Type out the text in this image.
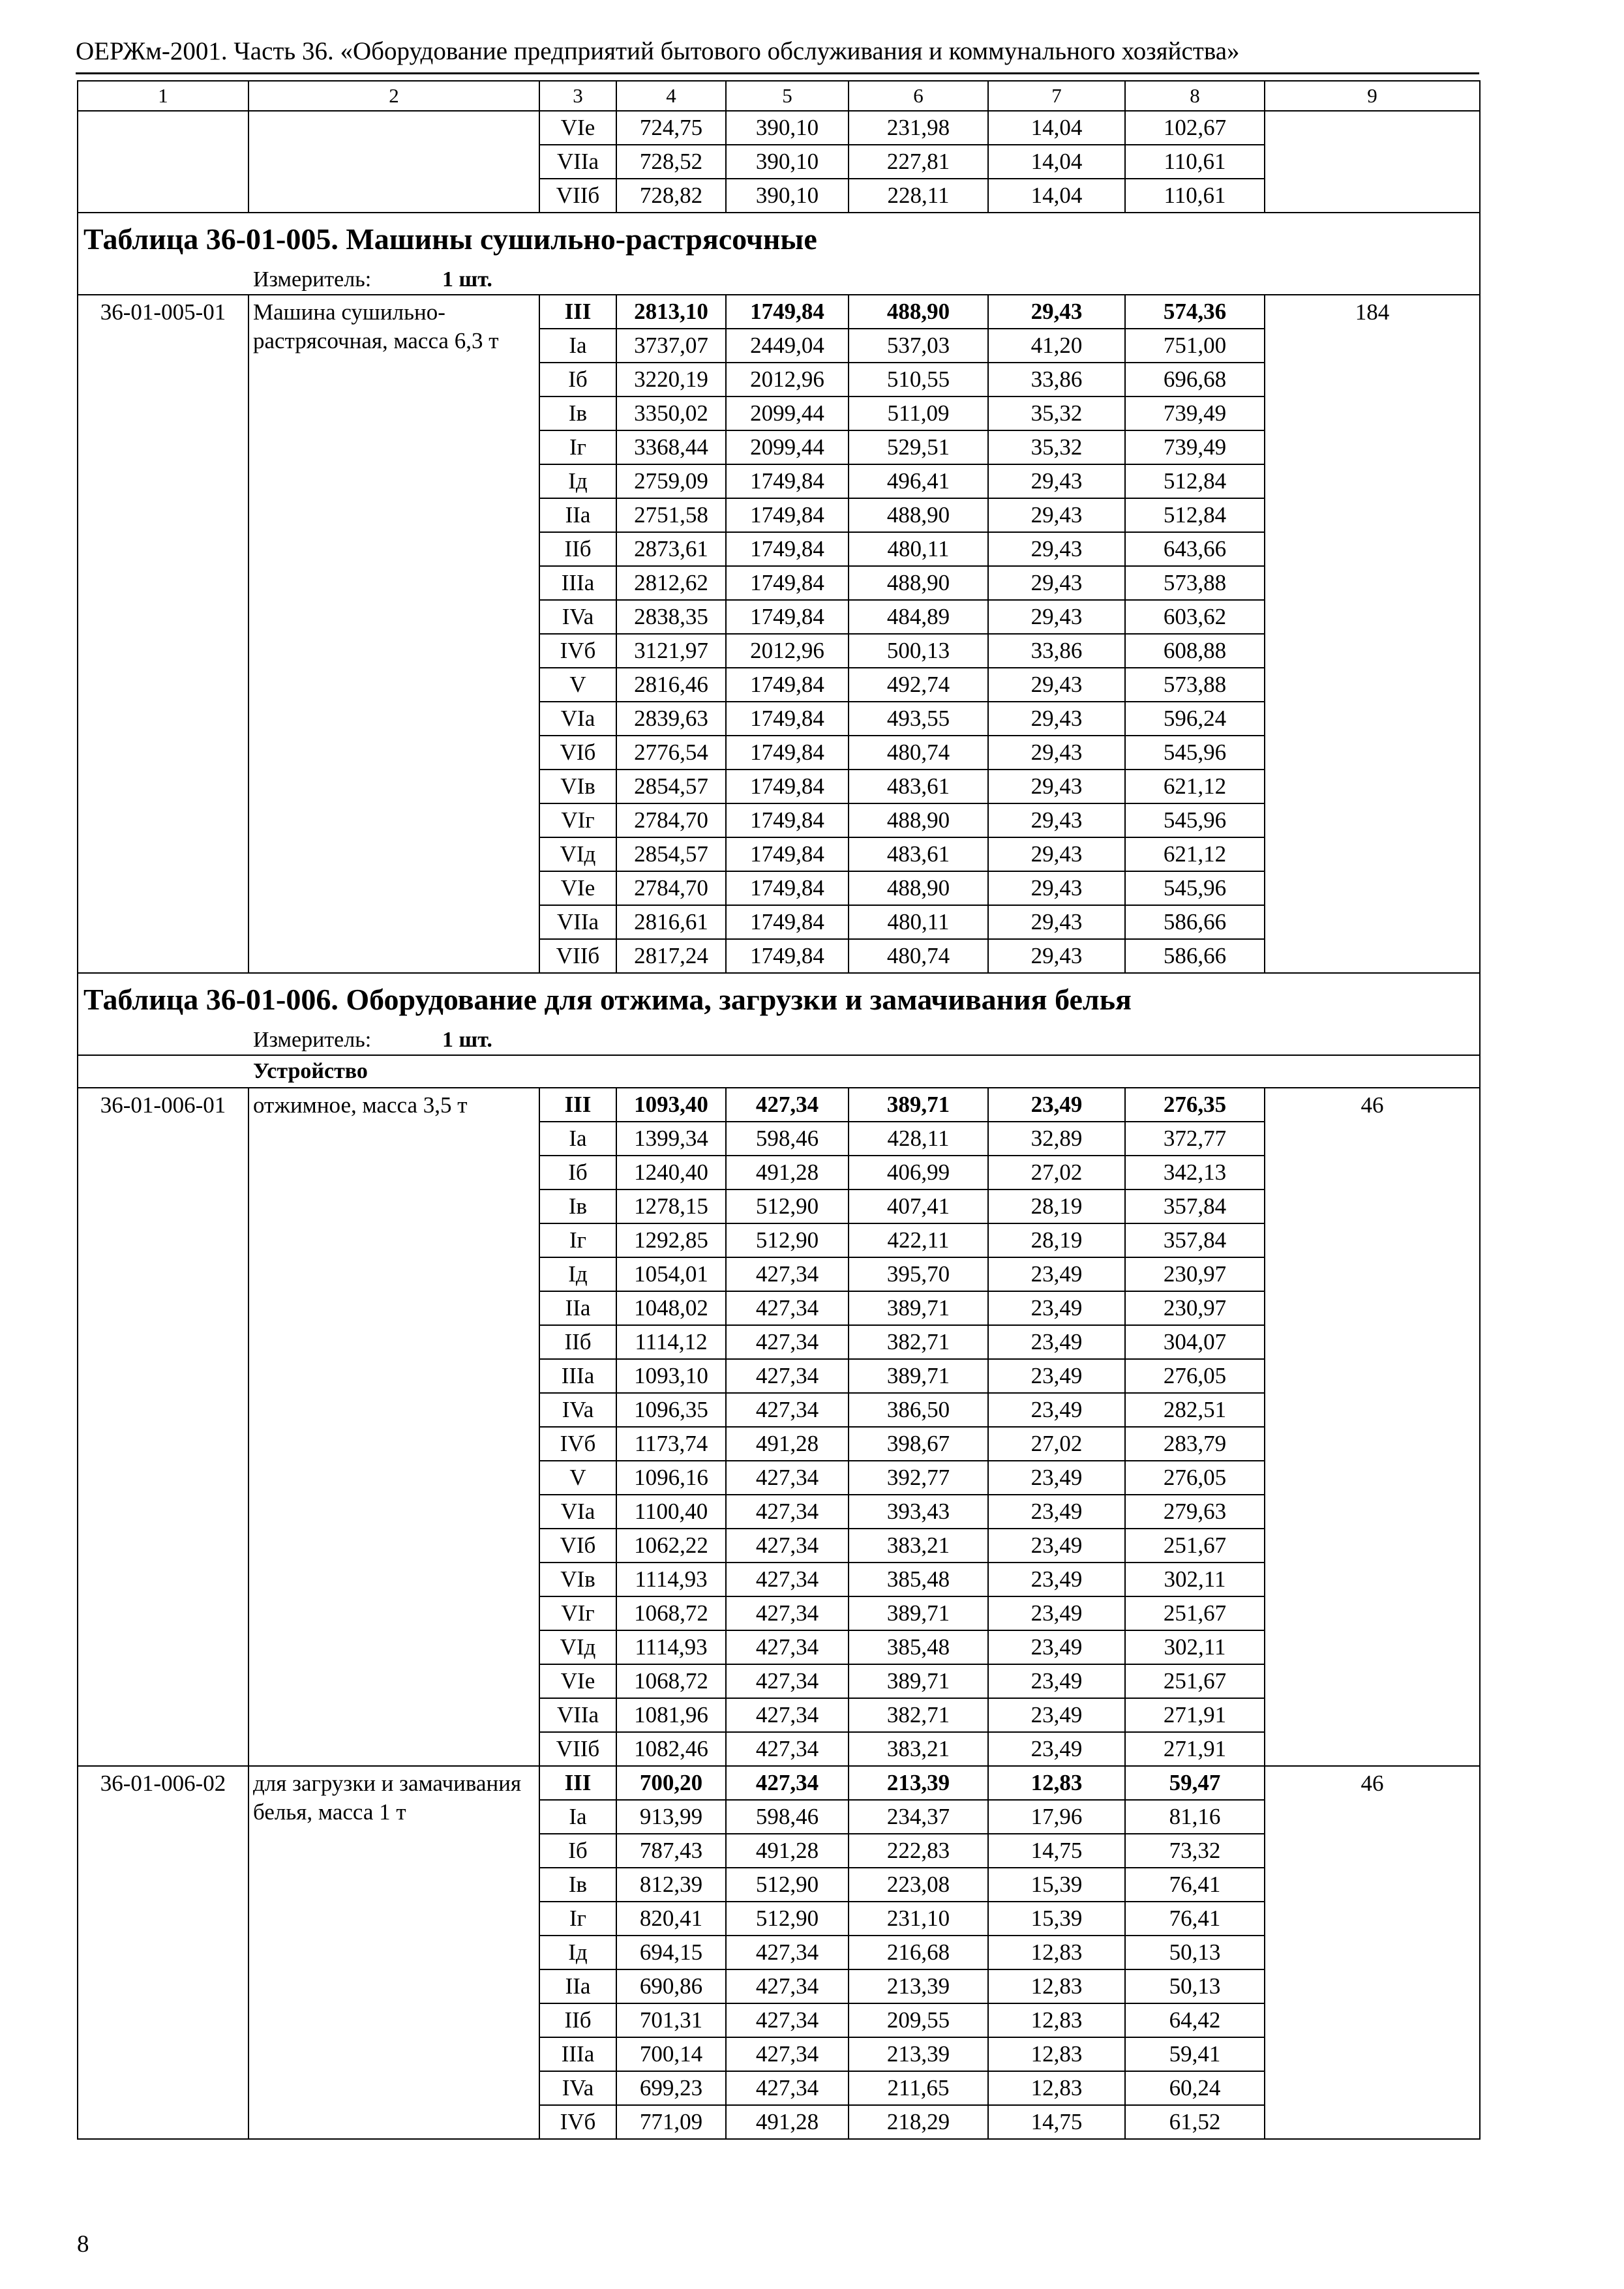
ОЕРЖм-2001. Часть 36. «Оборудование предприятий бытового обслуживания и коммунального хозяйства»
1	2	3	4	5	6	7	8	9
		VIe	724,75	390,10	231,98	14,04	102,67	
		VIIa	728,52	390,10	227,81	14,04	110,61	
		VIIб	728,82	390,10	228,11	14,04	110,61	
Таблица 36-01-005. Машины сушильно-растрясочные								
Измеритель: 1 шт.								
36-01-005-01	Машина сушильно-растрясочная, масса 6,3 т	III	2813,10	1749,84	488,90	29,43	574,36	184
		Ia	3737,07	2449,04	537,03	41,20	751,00	
		Iб	3220,19	2012,96	510,55	33,86	696,68	
		Iв	3350,02	2099,44	511,09	35,32	739,49	
		Iг	3368,44	2099,44	529,51	35,32	739,49	
		Iд	2759,09	1749,84	496,41	29,43	512,84	
		IIa	2751,58	1749,84	488,90	29,43	512,84	
		IIб	2873,61	1749,84	480,11	29,43	643,66	
		IIIa	2812,62	1749,84	488,90	29,43	573,88	
		IVa	2838,35	1749,84	484,89	29,43	603,62	
		IVб	3121,97	2012,96	500,13	33,86	608,88	
		V	2816,46	1749,84	492,74	29,43	573,88	
		VIa	2839,63	1749,84	493,55	29,43	596,24	
		VIб	2776,54	1749,84	480,74	29,43	545,96	
		VIв	2854,57	1749,84	483,61	29,43	621,12	
		VIг	2784,70	1749,84	488,90	29,43	545,96	
		VIд	2854,57	1749,84	483,61	29,43	621,12	
		VIe	2784,70	1749,84	488,90	29,43	545,96	
		VIIa	2816,61	1749,84	480,11	29,43	586,66	
		VIIб	2817,24	1749,84	480,74	29,43	586,66	
Таблица 36-01-006. Оборудование для отжима, загрузки и замачивания белья								
Измеритель: 1 шт.								
Устройство								
36-01-006-01	отжимное, масса 3,5 т	III	1093,40	427,34	389,71	23,49	276,35	46
		Ia	1399,34	598,46	428,11	32,89	372,77	
		Iб	1240,40	491,28	406,99	27,02	342,13	
		Iв	1278,15	512,90	407,41	28,19	357,84	
		Iг	1292,85	512,90	422,11	28,19	357,84	
		Iд	1054,01	427,34	395,70	23,49	230,97	
		IIa	1048,02	427,34	389,71	23,49	230,97	
		IIб	1114,12	427,34	382,71	23,49	304,07	
		IIIa	1093,10	427,34	389,71	23,49	276,05	
		IVa	1096,35	427,34	386,50	23,49	282,51	
		IVб	1173,74	491,28	398,67	27,02	283,79	
		V	1096,16	427,34	392,77	23,49	276,05	
		VIa	1100,40	427,34	393,43	23,49	279,63	
		VIб	1062,22	427,34	383,21	23,49	251,67	
		VIв	1114,93	427,34	385,48	23,49	302,11	
		VIг	1068,72	427,34	389,71	23,49	251,67	
		VIд	1114,93	427,34	385,48	23,49	302,11	
		VIe	1068,72	427,34	389,71	23,49	251,67	
		VIIa	1081,96	427,34	382,71	23,49	271,91	
		VIIб	1082,46	427,34	383,21	23,49	271,91	
36-01-006-02	для загрузки и замачивания белья, масса 1 т	III	700,20	427,34	213,39	12,83	59,47	46
		Ia	913,99	598,46	234,37	17,96	81,16	
		Iб	787,43	491,28	222,83	14,75	73,32	
		Iв	812,39	512,90	223,08	15,39	76,41	
		Iг	820,41	512,90	231,10	15,39	76,41	
		Iд	694,15	427,34	216,68	12,83	50,13	
		IIa	690,86	427,34	213,39	12,83	50,13	
		IIб	701,31	427,34	209,55	12,83	64,42	
		IIIa	700,14	427,34	213,39	12,83	59,41	
		IVa	699,23	427,34	211,65	12,83	60,24	
		IVб	771,09	491,28	218,29	14,75	61,52	
8
